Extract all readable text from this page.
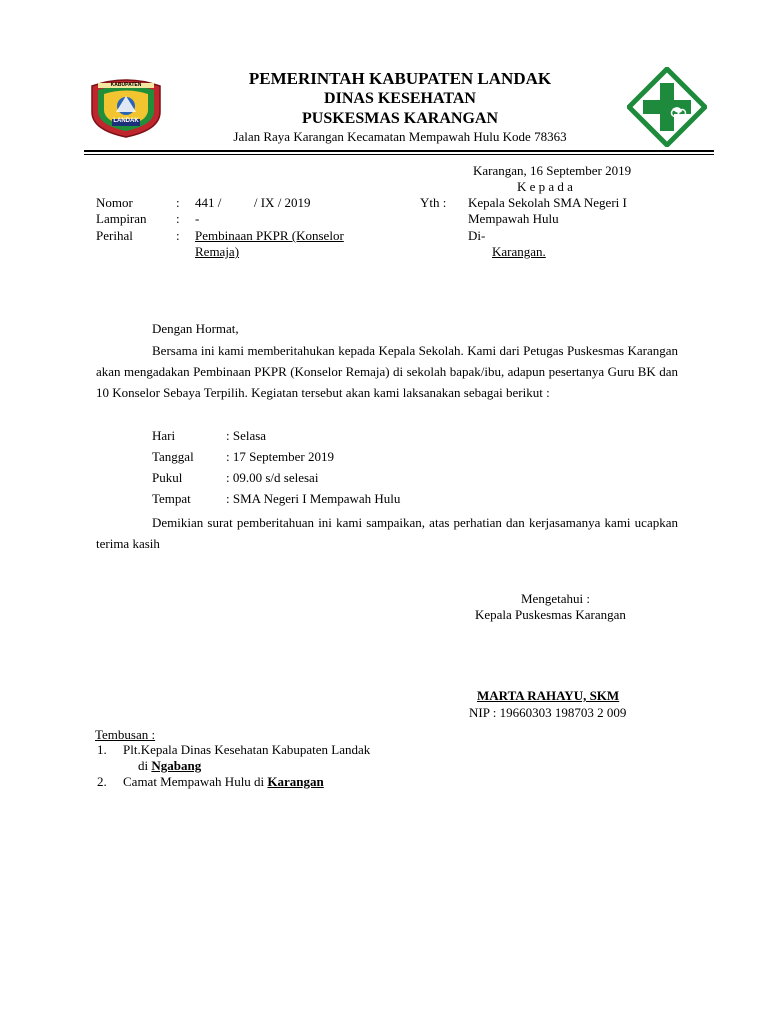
KABUPATEN
LANDAK
PEMERINTAH KABUPATEN LANDAK
DINAS KESEHATAN
PUSKESMAS KARANGAN
Jalan Raya Karangan Kecamatan Mempawah Hulu Kode 78363
Karangan, 16 September 2019
K e p a d a
Nomor	: 441 /          / IX / 2019
Lampiran : -
Perihal	: Pembinaan PKPR (Konselor
Remaja)
Yth : Kepala Sekolah SMA Negeri I
Mempawah Hulu
Di-
Karangan.
Dengan Hormat,
Bersama ini kami memberitahukan kepada Kepala Sekolah. Kami dari Petugas Puskesmas Karangan akan mengadakan Pembinaan PKPR (Konselor Remaja) di sekolah bapak/ibu, adapun pesertanya Guru BK dan 10 Konselor Sebaya Terpilih. Kegiatan tersebut akan kami laksanakan sebagai berikut :
Hari	: Selasa
Tanggal : 17 September 2019
Pukul	: 09.00 s/d selesai
Tempat	: SMA Negeri I Mempawah Hulu
Demikian surat pemberitahuan ini kami sampaikan, atas perhatian dan kerjasamanya kami ucapkan terima kasih
Mengetahui :
Kepala Puskesmas Karangan
MARTA RAHAYU, SKM
NIP : 19660303 198703 2 009
Tembusan :
1. Plt.Kepala Dinas Kesehatan Kabupaten Landak
di Ngabang
2. Camat Mempawah Hulu di Karangan
